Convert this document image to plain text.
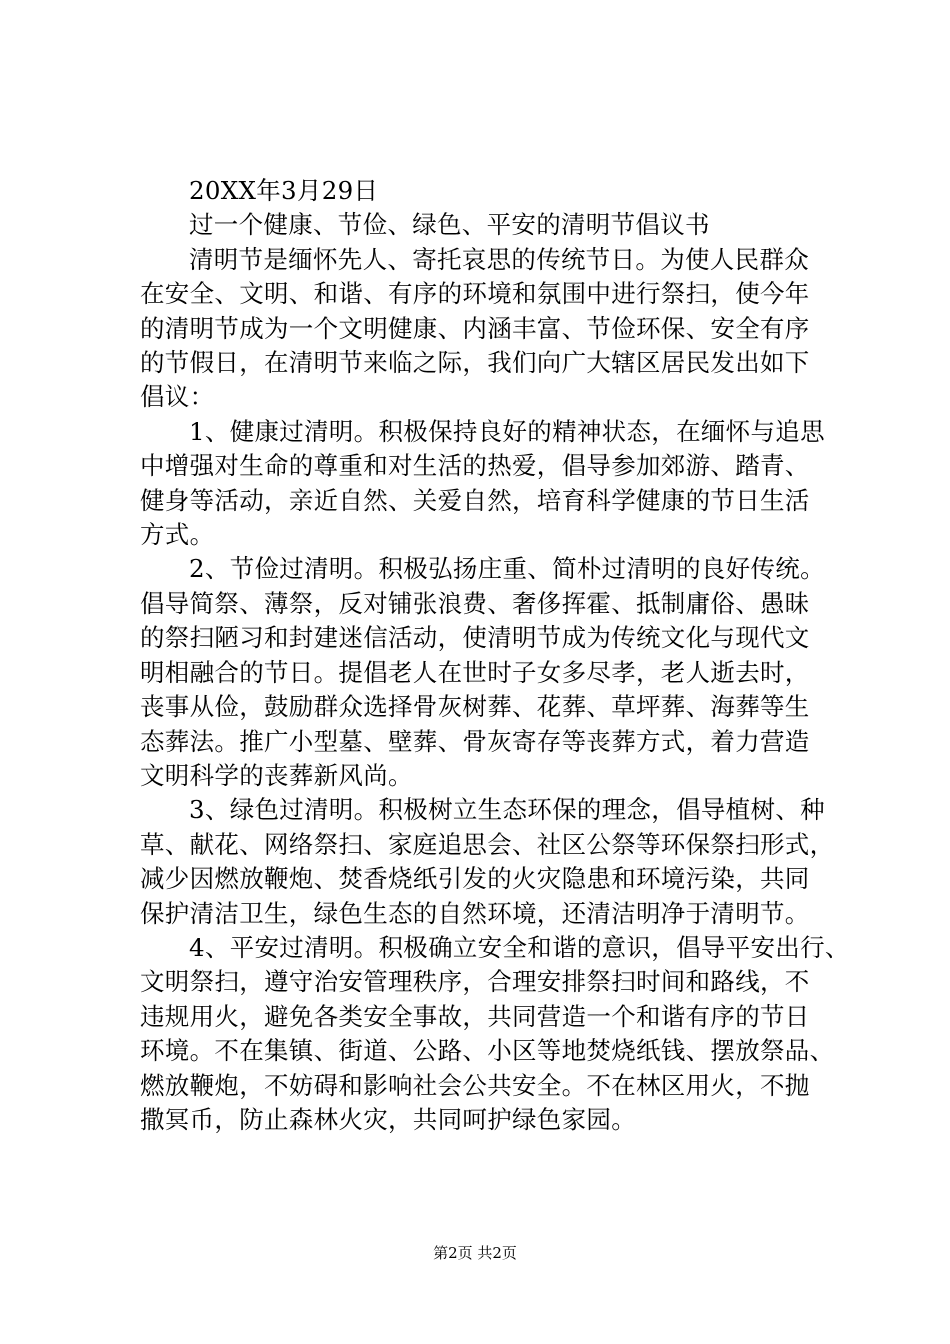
20XX年3月29日
过一个健康、节俭、绿色、平安的清明节倡议书
清明节是缅怀先人、寄托哀思的传统节日。为使人民群众
在安全、文明、和谐、有序的环境和氛围中进行祭扫，使今年
的清明节成为一个文明健康、内涵丰富、节俭环保、安全有序
的节假日，在清明节来临之际，我们向广大辖区居民发出如下
倡议：
1、健康过清明。积极保持良好的精神状态，在缅怀与追思
中增强对生命的尊重和对生活的热爱，倡导参加郊游、踏青、
健身等活动，亲近自然、关爱自然，培育科学健康的节日生活
方式。
2、节俭过清明。积极弘扬庄重、简朴过清明的良好传统。
倡导简祭、薄祭，反对铺张浪费、奢侈挥霍、抵制庸俗、愚昧
的祭扫陋习和封建迷信活动，使清明节成为传统文化与现代文
明相融合的节日。提倡老人在世时子女多尽孝，老人逝去时，
丧事从俭，鼓励群众选择骨灰树葬、花葬、草坪葬、海葬等生
态葬法。推广小型墓、壁葬、骨灰寄存等丧葬方式，着力营造
文明科学的丧葬新风尚。
3、绿色过清明。积极树立生态环保的理念，倡导植树、种
草、献花、网络祭扫、家庭追思会、社区公祭等环保祭扫形式，
减少因燃放鞭炮、焚香烧纸引发的火灾隐患和环境污染，共同
保护清洁卫生，绿色生态的自然环境，还清洁明净于清明节。
4、平安过清明。积极确立安全和谐的意识，倡导平安出行、
文明祭扫，遵守治安管理秩序，合理安排祭扫时间和路线，不
违规用火，避免各类安全事故，共同营造一个和谐有序的节日
环境。不在集镇、街道、公路、小区等地焚烧纸钱、摆放祭品、
燃放鞭炮，不妨碍和影响社会公共安全。不在林区用火，不抛
撒冥币，防止森林火灾，共同呵护绿色家园。
第2页 共2页
